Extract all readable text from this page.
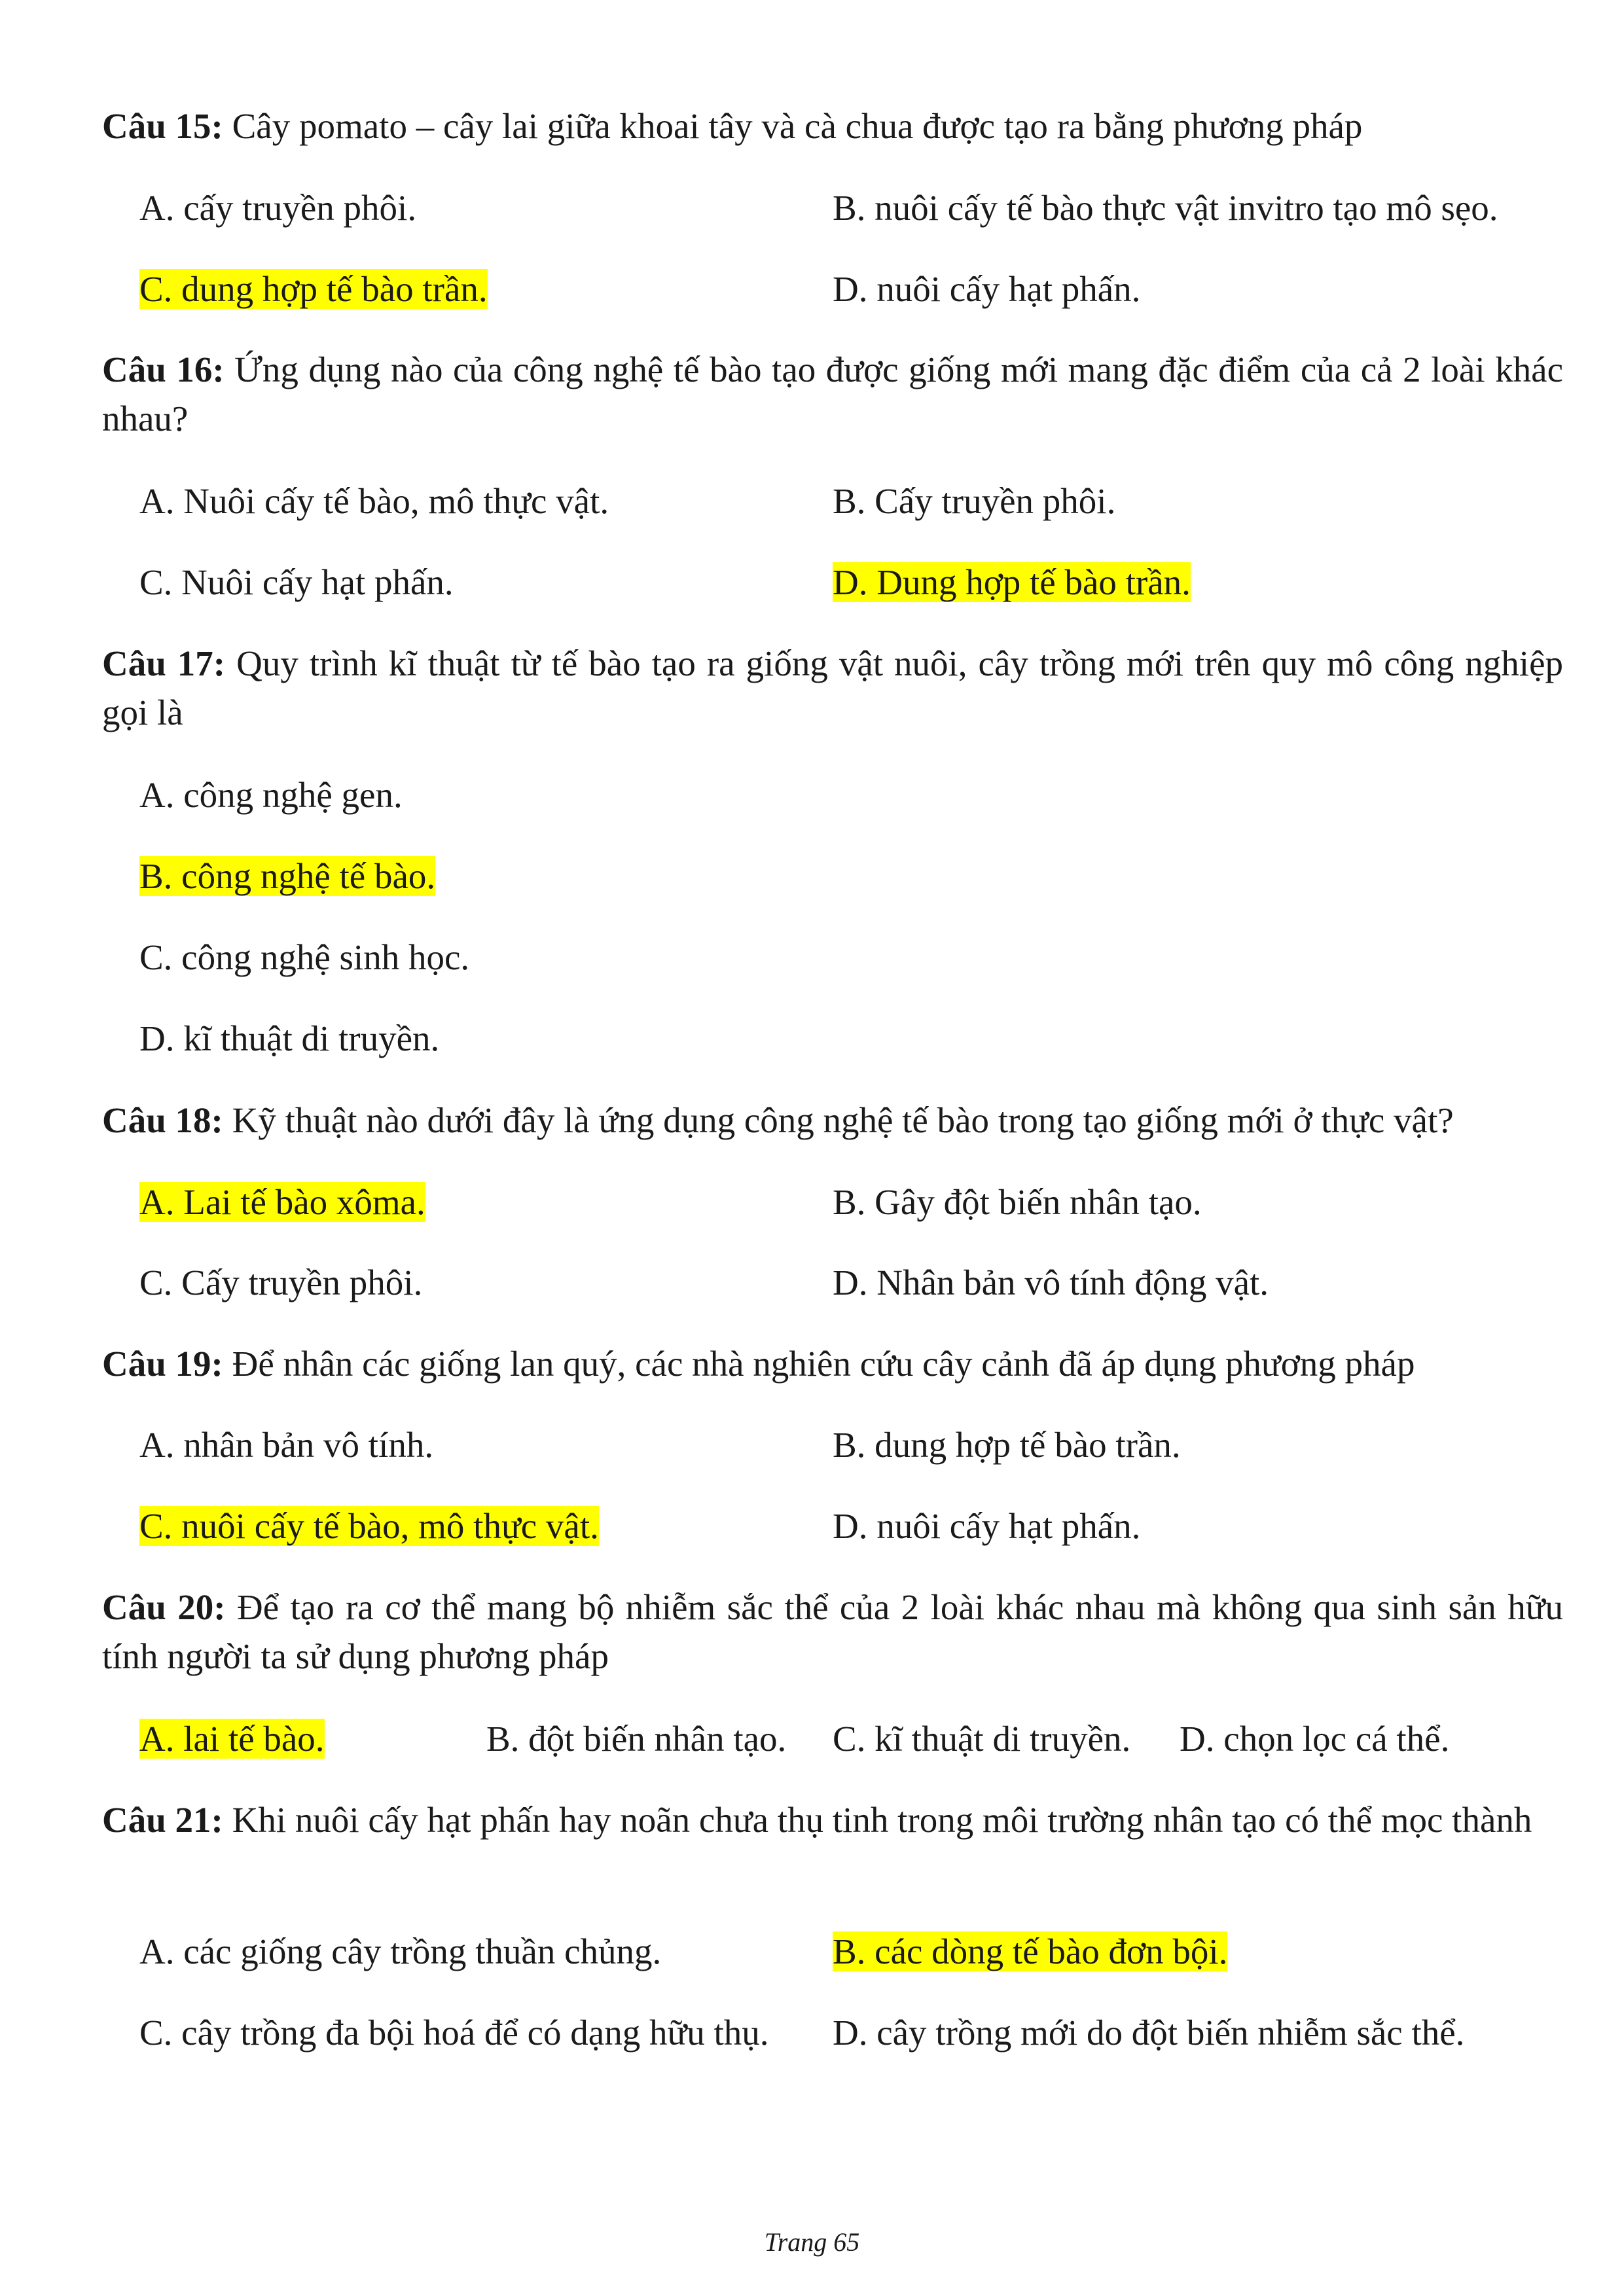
Câu 15: Cây pomato – cây lai giữa khoai tây và cà chua được tạo ra bằng phương pháp
A. cấy truyền phôi.	B. nuôi cấy tế bào thực vật invitro tạo mô sẹo.
C. dung hợp tế bào trần.	D. nuôi cấy hạt phấn.
Câu 16: Ứng dụng nào của công nghệ tế bào tạo được giống mới mang đặc điểm của cả 2 loài khác nhau?
A. Nuôi cấy tế bào, mô thực vật.	B. Cấy truyền phôi.
C. Nuôi cấy hạt phấn.	D. Dung hợp tế bào trần.
Câu 17: Quy trình kĩ thuật từ tế bào tạo ra giống vật nuôi, cây trồng mới trên quy mô công nghiệp gọi là
A. công nghệ gen.
B. công nghệ tế bào.
C. công nghệ sinh học.
D. kĩ thuật di truyền.
Câu 18: Kỹ thuật nào dưới đây là ứng dụng công nghệ tế bào trong tạo giống mới ở thực vật?
A. Lai tế bào xôma.	B. Gây đột biến nhân tạo.
C. Cấy truyền phôi.	D. Nhân bản vô tính động vật.
Câu 19: Để nhân các giống lan quý, các nhà nghiên cứu cây cảnh đã áp dụng phương pháp
A. nhân bản vô tính.	B. dung hợp tế bào trần.
C. nuôi cấy tế bào, mô thực vật.	D. nuôi cấy hạt phấn.
Câu 20: Để tạo ra cơ thể mang bộ nhiễm sắc thể của 2 loài khác nhau mà không qua sinh sản hữu tính người ta sử dụng phương pháp
A. lai tế bào.	B. đột biến nhân tạo. C. kĩ thuật di truyền. D. chọn lọc cá thể.
Câu 21: Khi nuôi cấy hạt phấn hay noãn chưa thụ tinh trong môi trường nhân tạo có thể mọc thành
A. các giống cây trồng thuần chủng.	B. các dòng tế bào đơn bội.
C. cây trồng đa bội hoá để có dạng hữu thụ. D. cây trồng mới do đột biến nhiễm sắc thể.
Trang 65
